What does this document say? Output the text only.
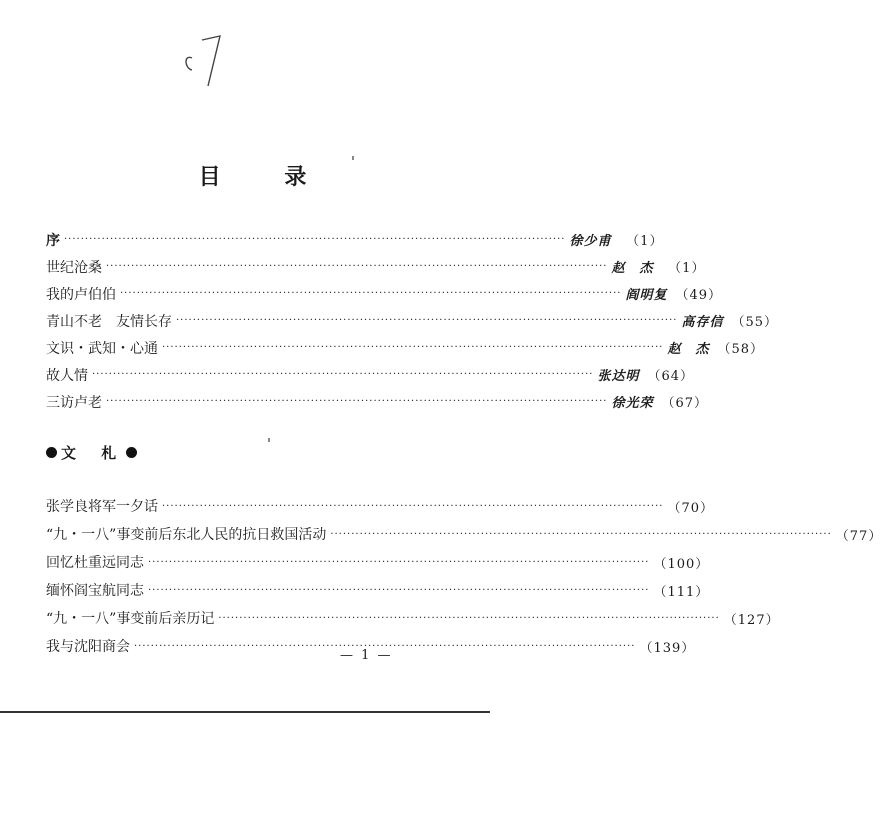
目 录
序 ························································································································ 徐少甫	（1）
世纪沧桑 ························································································································ 赵　杰	（1）
我的卢伯伯 ························································································································ 阎明复 （49）
青山不老　友情长存 ························································································································ 高存信 （55）
文识・武知・心通 ························································································································ 赵　杰 （58）
故人情 ························································································································ 张达明 （64）
三访卢老 ························································································································ 徐光荣 （67）
文 札
张学良将军一夕话 ························································································································ （70）
“九・一八”事变前后东北人民的抗日救国活动 ························································································································ （77）
回忆杜重远同志 ························································································································ （100）
缅怀阎宝航同志 ························································································································ （111）
“九・一八”事变前后亲历记 ························································································································ （127）
我与沈阳商会 ························································································································ （139）
— 1 —
